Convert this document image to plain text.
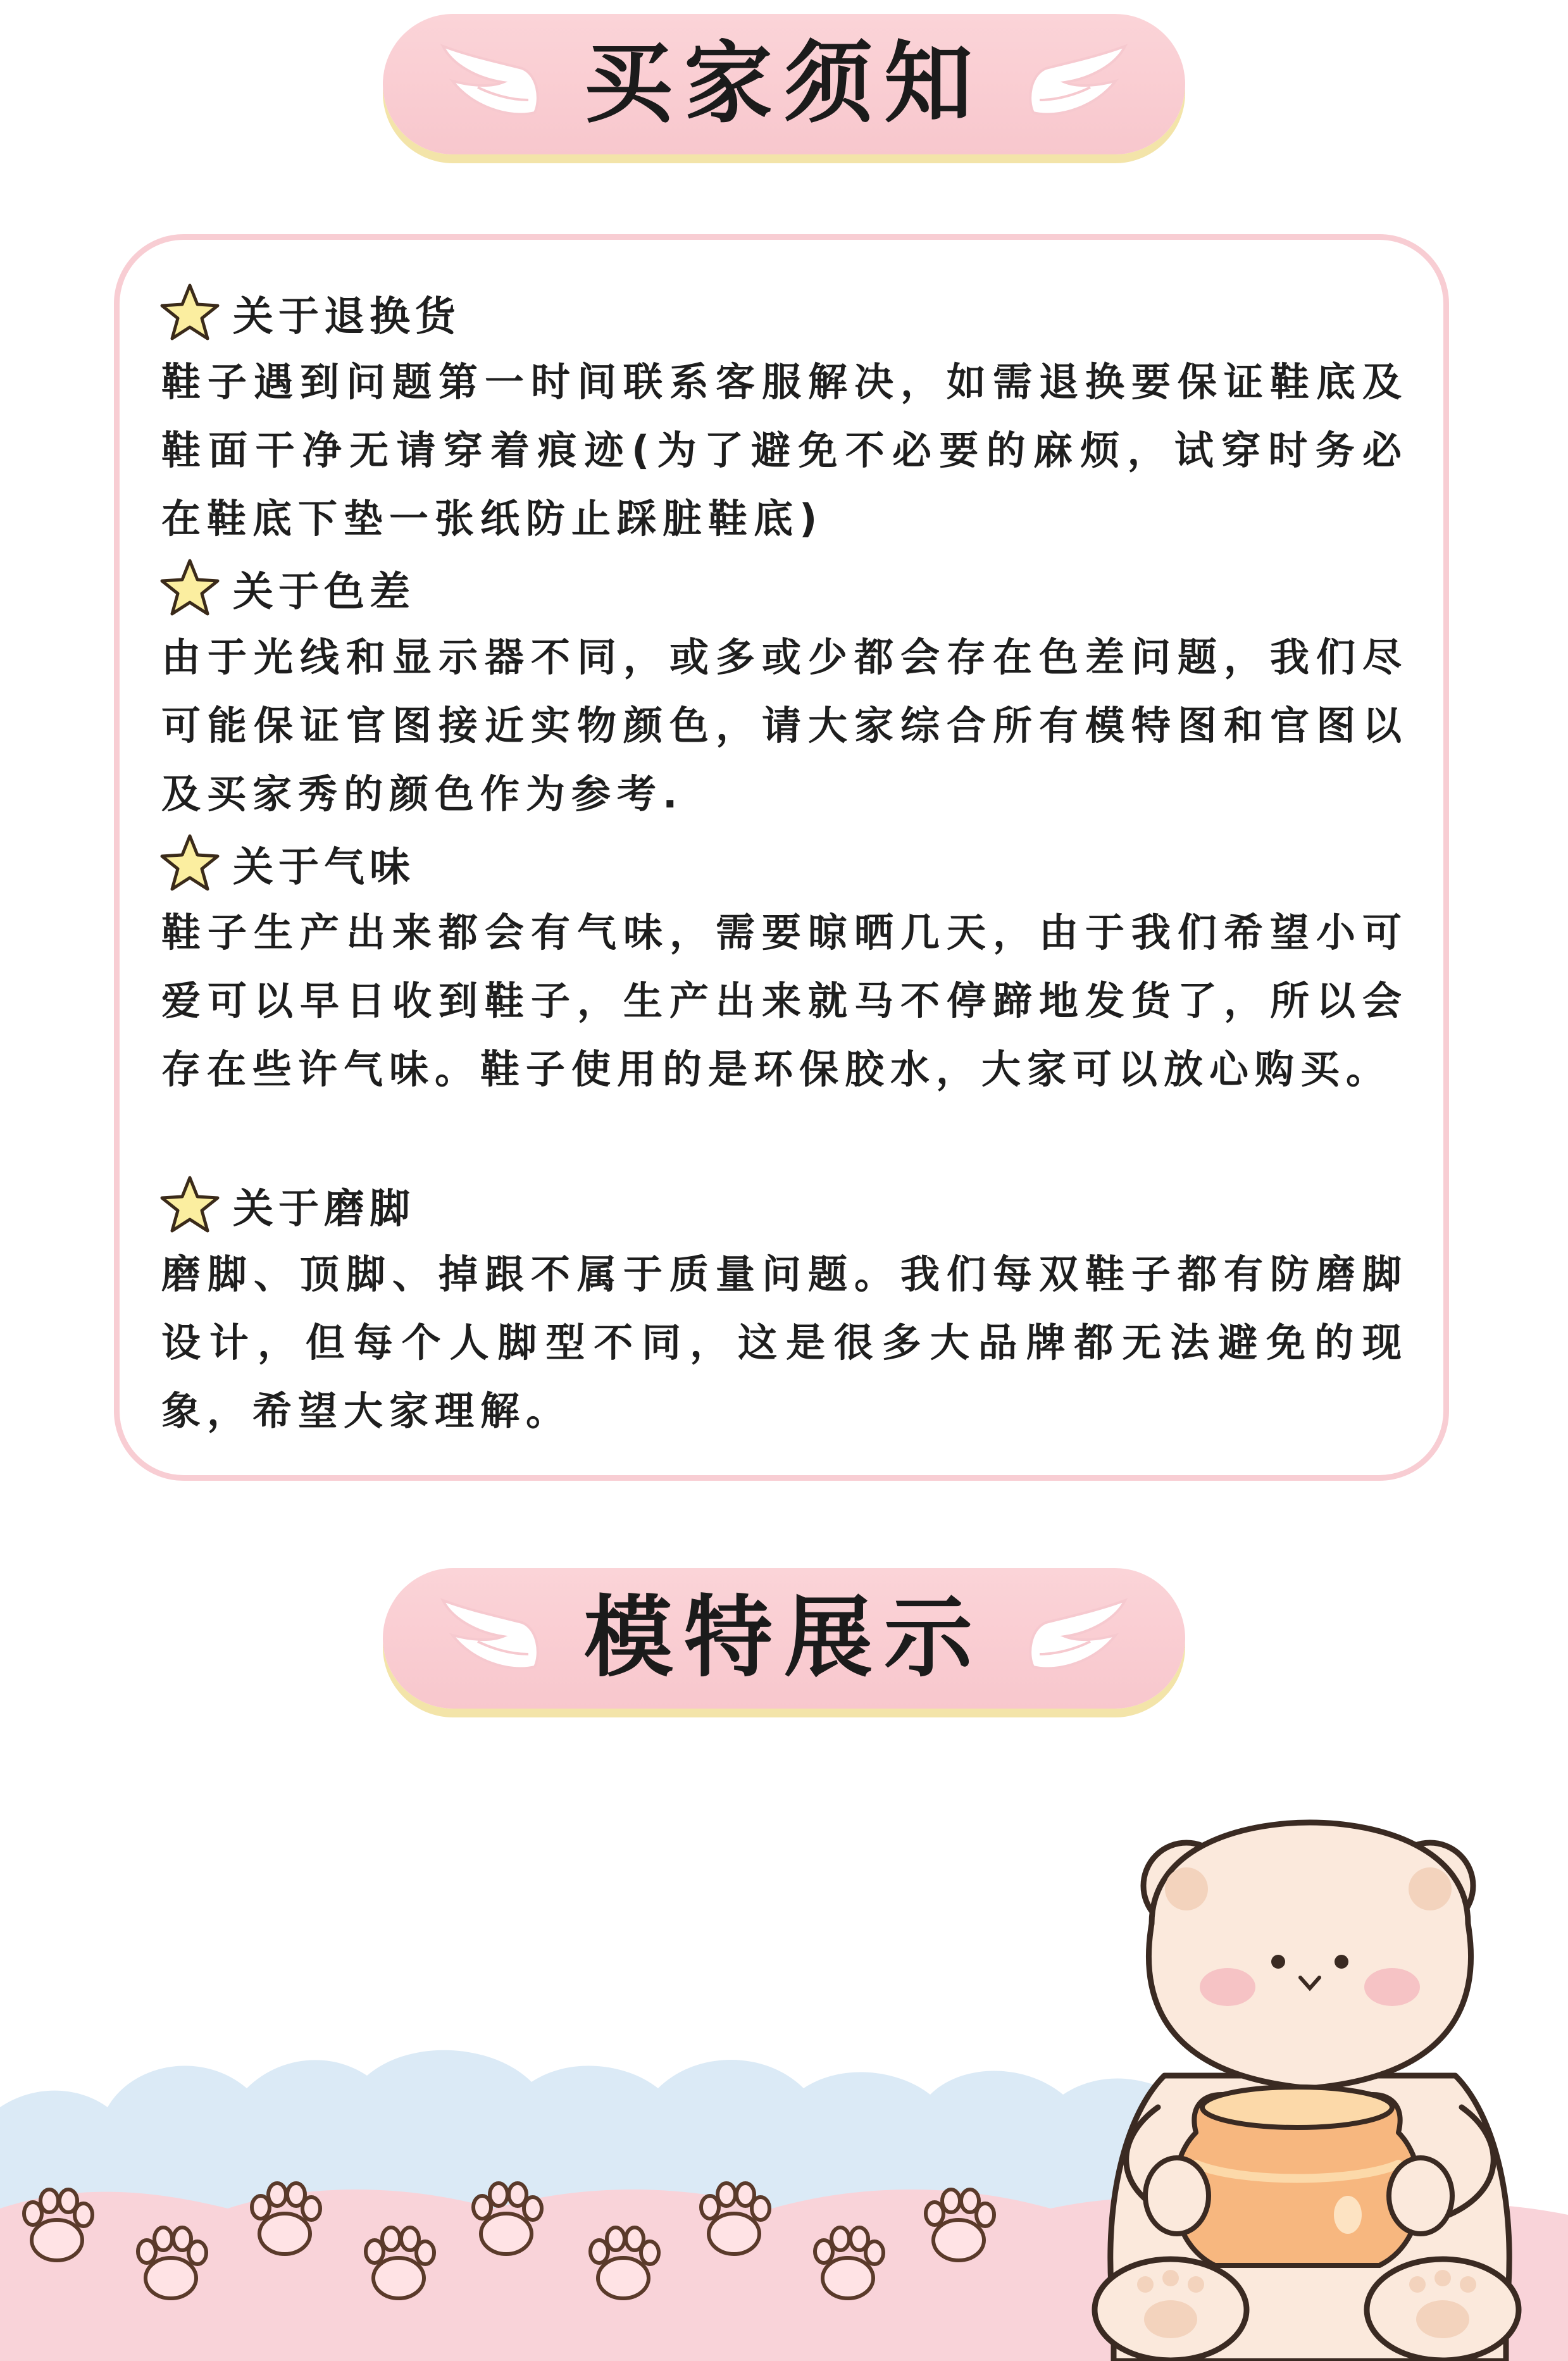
买家须知
关于退换货
鞋子遇到问题第一时间联系客服解决，如需退换要保证鞋底及鞋面干净无请穿着痕迹(为了避免不必要的麻烦，试穿时务必在鞋底下垫一张纸防止踩脏鞋底)
关于色差
由于光线和显示器不同，或多或少都会存在色差问题，我们尽可能保证官图接近实物颜色，请大家综合所有模特图和官图以及买家秀的颜色作为参考.
关于气味
鞋子生产出来都会有气味，需要晾晒几天，由于我们希望小可爱可以早日收到鞋子，生产出来就马不停蹄地发货了，所以会存在些许气味。鞋子使用的是环保胶水，大家可以放心购买。
关于磨脚
磨脚、顶脚、掉跟不属于质量问题。我们每双鞋子都有防磨脚设计，但每个人脚型不同，这是很多大品牌都无法避免的现象，希望大家理解。
模特展示
